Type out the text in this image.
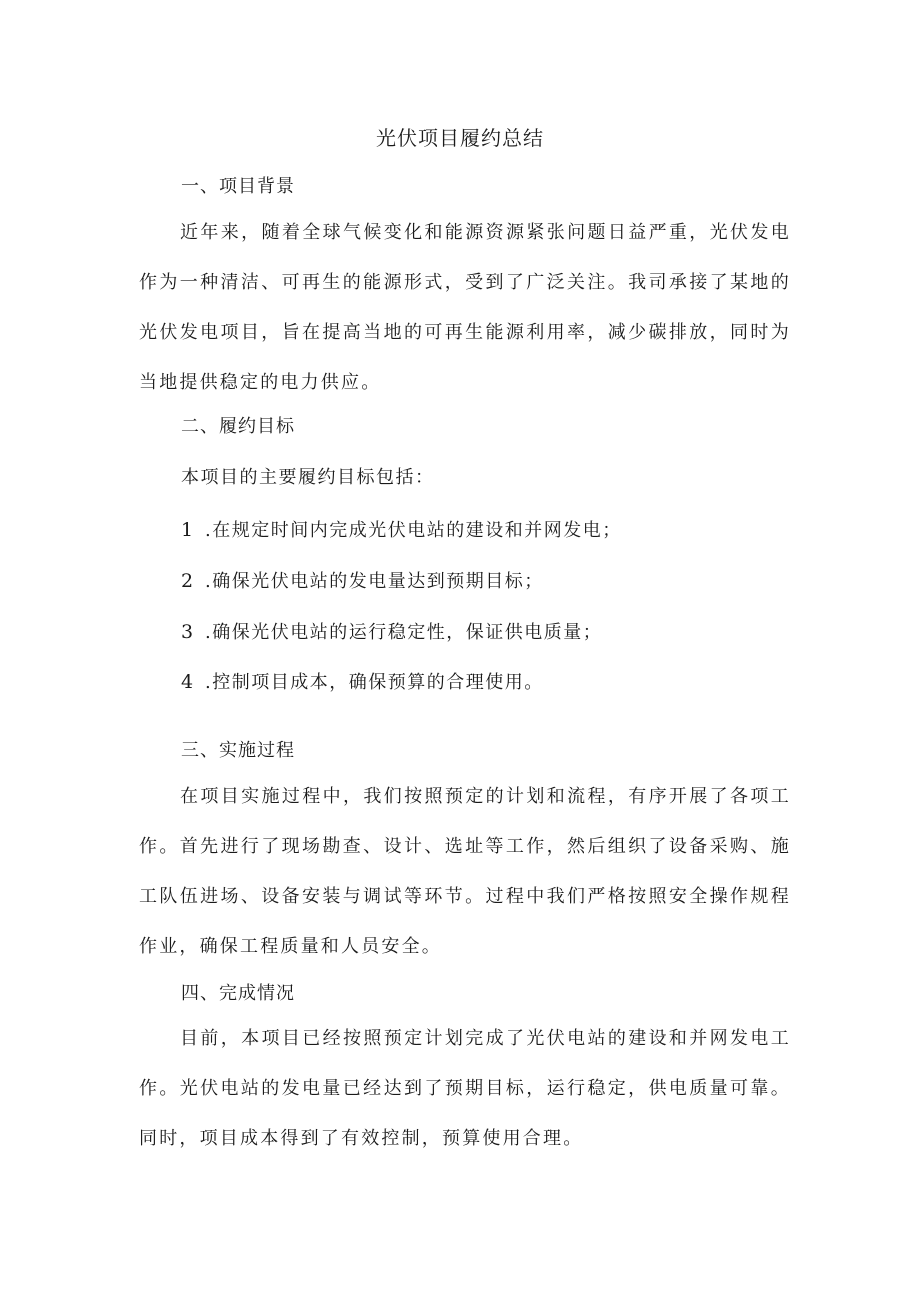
光伏项目履约总结
一、项目背景

近年来，随着全球气候变化和能源资源紧张问题日益严重，光伏发电作为一种清洁、可再生的能源形式，受到了广泛关注。我司承接了某地的光伏发电项目，旨在提高当地的可再生能源利用率，减少碳排放，同时为当地提供稳定的电力供应。

二、履约目标

本项目的主要履约目标包括：

1 .在规定时间内完成光伏电站的建设和并网发电；

2 .确保光伏电站的发电量达到预期目标；

3 .确保光伏电站的运行稳定性，保证供电质量；

4 .控制项目成本，确保预算的合理使用。

三、实施过程

在项目实施过程中，我们按照预定的计划和流程，有序开展了各项工作。首先进行了现场勘查、设计、选址等工作，然后组织了设备采购、施工队伍进场、设备安装与调试等环节。过程中我们严格按照安全操作规程作业，确保工程质量和人员安全。

四、完成情况

目前，本项目已经按照预定计划完成了光伏电站的建设和并网发电工作。光伏电站的发电量已经达到了预期目标，运行稳定，供电质量可靠。同时，项目成本得到了有效控制，预算使用合理。
